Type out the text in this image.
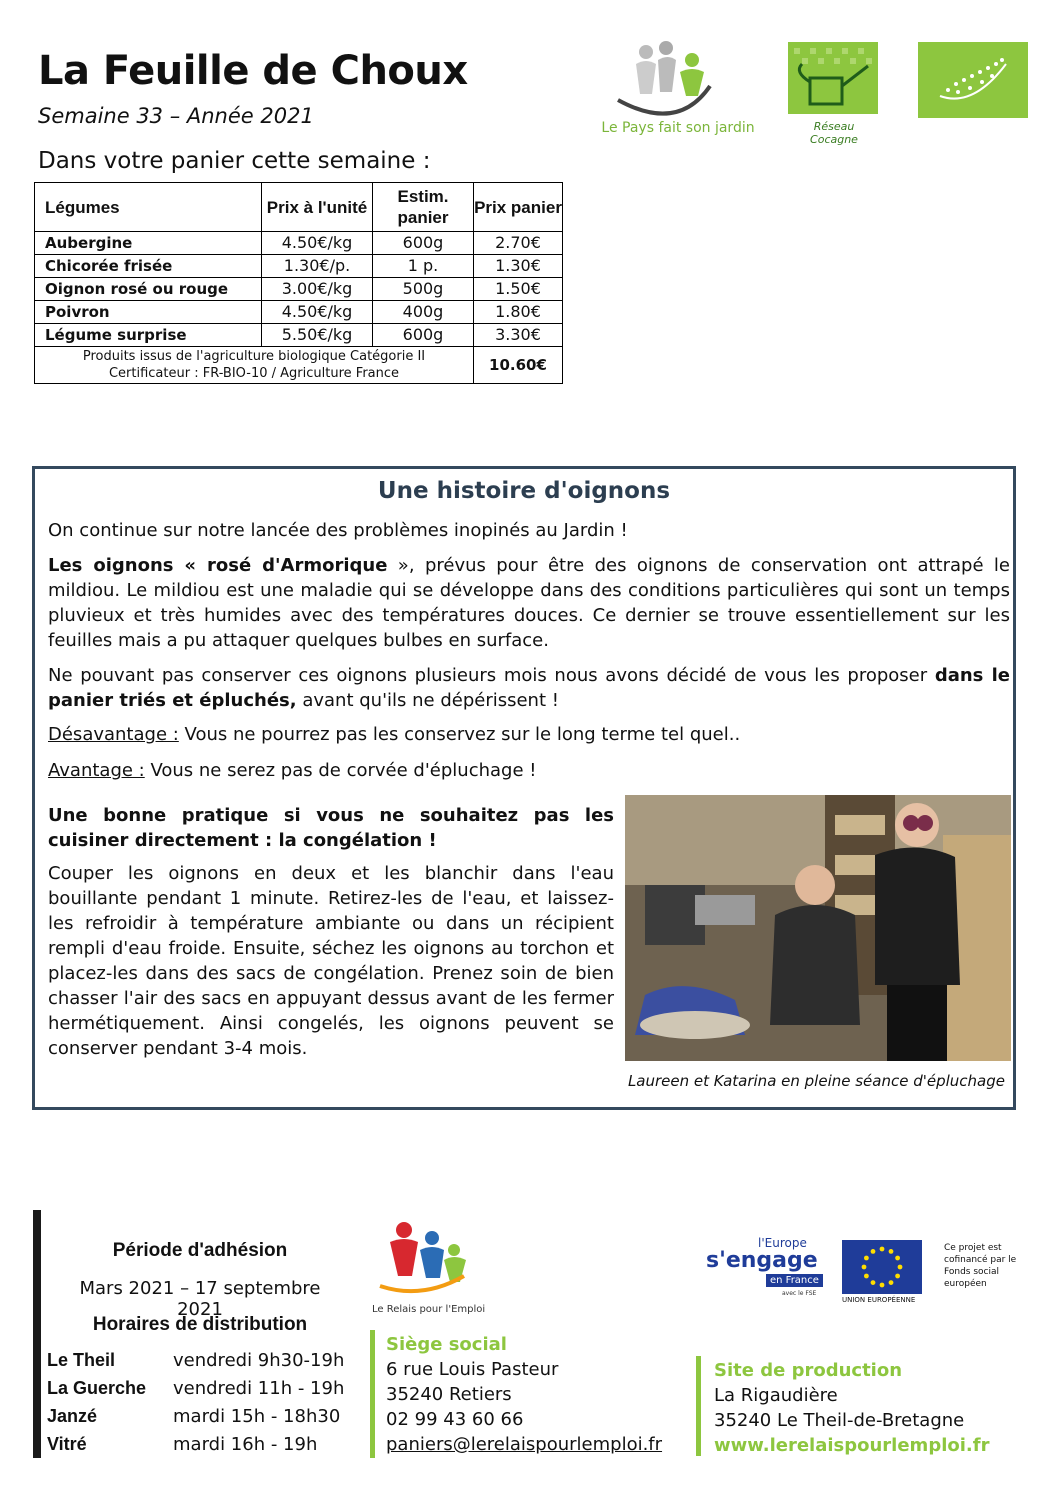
La Feuille de Choux
Semaine 33 – Année 2021
Dans votre panier cette semaine :
Le Pays fait son jardin	Réseau Cocagne
Légumes	Prix à l'unité	Estim. panier	Prix panier
Aubergine	4.50€/kg	600g	2.70€
Chicorée frisée	1.30€/p.	1 p.	1.30€
Oignon rosé ou rouge	3.00€/kg	500g	1.50€
Poivron	4.50€/kg	400g	1.80€
Légume surprise	5.50€/kg	600g	3.30€

Produits issus de l'agriculture biologique Catégorie II
Certificateur : FR-BIO-10 / Agriculture France			10.60€
Une histoire d'oignons
On continue sur notre lancée des problèmes inopinés au Jardin !
Les oignons « rosé d'Armorique », prévus pour être des oignons de conservation ont attrapé le mildiou. Le mildiou est une maladie qui se développe dans des conditions particulières qui sont un temps pluvieux et très humides avec des températures douces. Ce dernier se trouve essentiellement sur les feuilles mais a pu attaquer quelques bulbes en surface.
Ne pouvant pas conserver ces oignons plusieurs mois nous avons décidé de vous les proposer dans le panier triés et épluchés, avant qu'ils ne dépérissent !
Désavantage : Vous ne pourrez pas les conservez sur le long terme tel quel..
Avantage : Vous ne serez pas de corvée d'épluchage !
Une bonne pratique si vous ne souhaitez pas les cuisiner directement : la congélation !
Couper les oignons en deux et les blanchir dans l'eau bouillante pendant 1 minute. Retirez-les de l'eau, et laissez-les refroidir à température ambiante ou dans un récipient rempli d'eau froide. Ensuite, séchez les oignons au torchon et placez-les dans des sacs de congélation. Prenez soin de bien chasser l'air des sacs en appuyant dessus avant de les fermer hermétiquement. Ainsi congelés, les oignons peuvent se conserver pendant 3-4 mois.
Laureen et Katarina en pleine séance d'épluchage
Période d'adhésion
Mars 2021 – 17 septembre 2021
Horaires de distribution
Le Theil	vendredi 9h30-19h
La Guerche vendredi 11h - 19h
Janzé	mardi 15h - 18h30
Vitré	mardi 16h - 19h
Le Relais pour l'Emploi
Siège social
6 rue Louis Pasteur
35240 Retiers
02 99 43 60 66
paniers@lerelaispourlemploi.fr
l'Europe
s'engage
en France
avec le FSE
UNION EUROPÉENNE
Ce projet est cofinancé par le Fonds social européen
Site de production
La Rigaudière
35240 Le Theil-de-Bretagne
www.lerelaispourlemploi.fr
